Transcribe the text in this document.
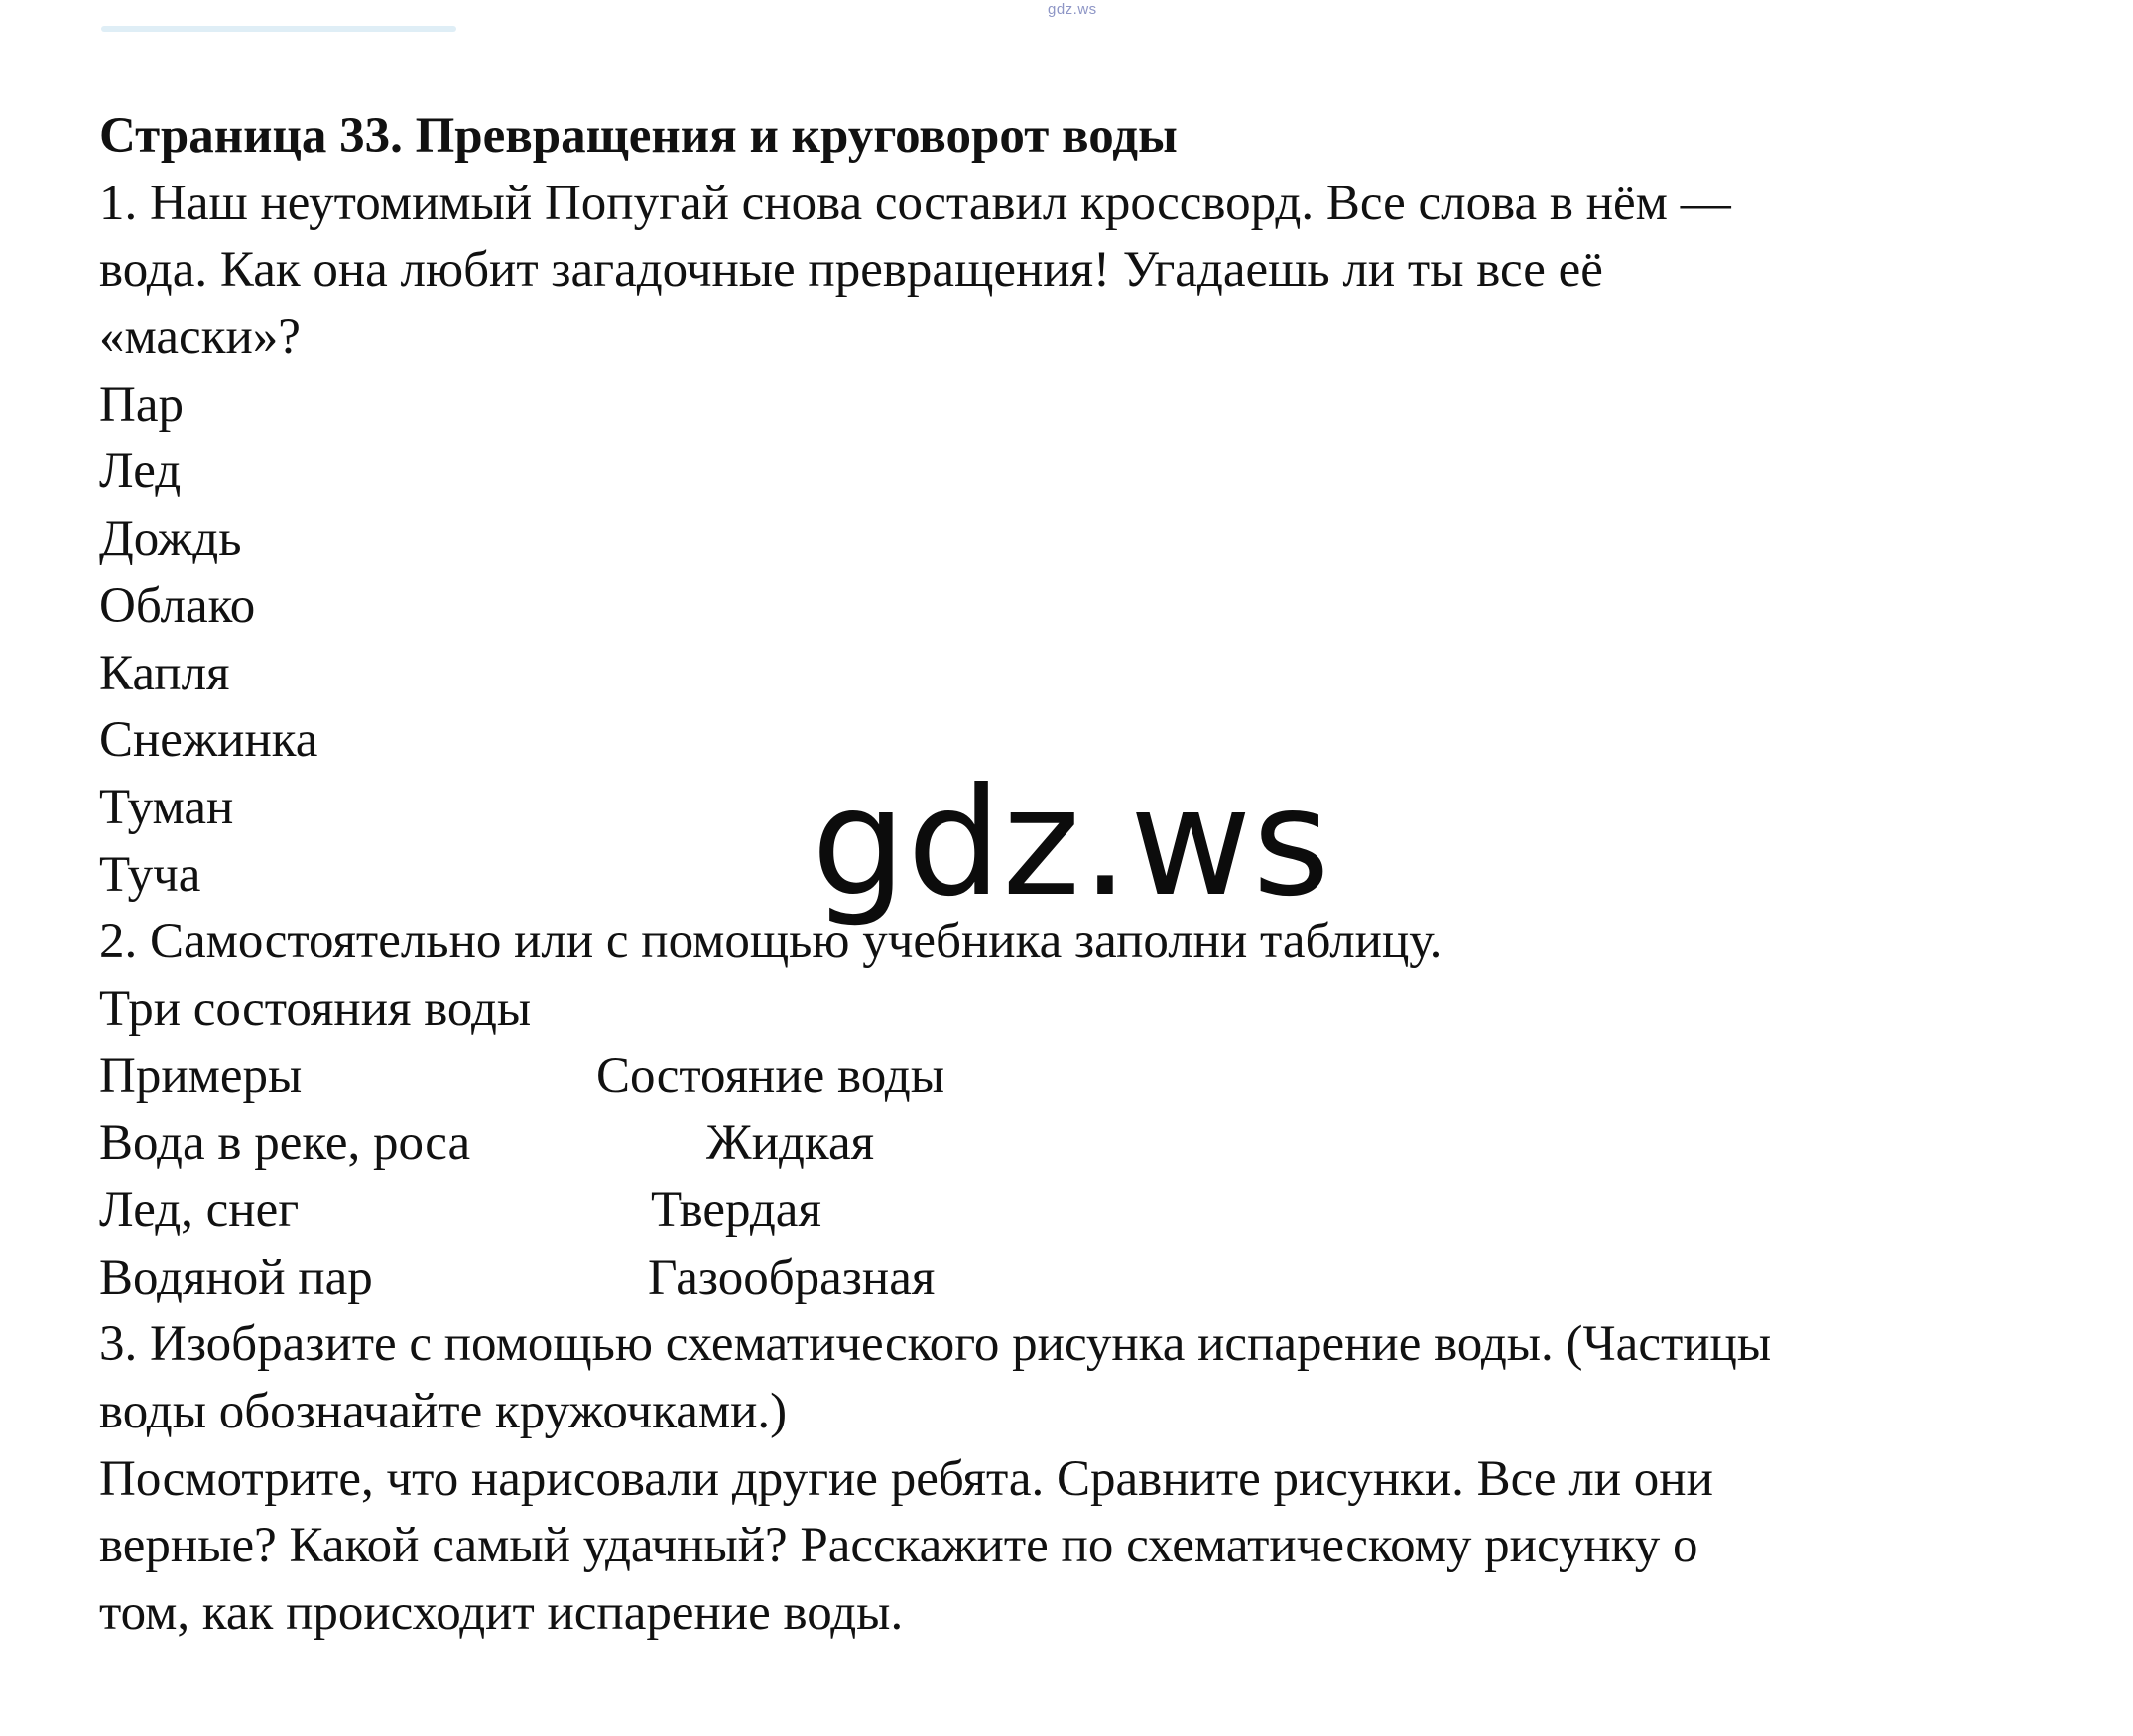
gdz.ws
Страница 33. Превращения и круговорот воды
1. Наш неутомимый Попугай снова составил кроссворд. Все слова в нём —
вода. Как она любит загадочные превращения! Угадаешь ли ты все её
«маски»?
Пар
Лед
Дождь
Облако
Капля
Снежинка
Туман
Туча
2. Самостоятельно или с помощью учебника заполни таблицу.
Три состояния воды
Примеры	Состояние воды
Вода в реке, роса	Жидкая
Лед, снег	Твердая
Водяной пар	Газообразная
3. Изобразите с помощью схематического рисунка испарение воды. (Частицы
воды обозначайте кружочками.)
Посмотрите, что нарисовали другие ребята. Сравните рисунки. Все ли они
верные? Какой самый удачный? Расскажите по схематическому рисунку о
том, как происходит испарение воды.
gdz.ws
